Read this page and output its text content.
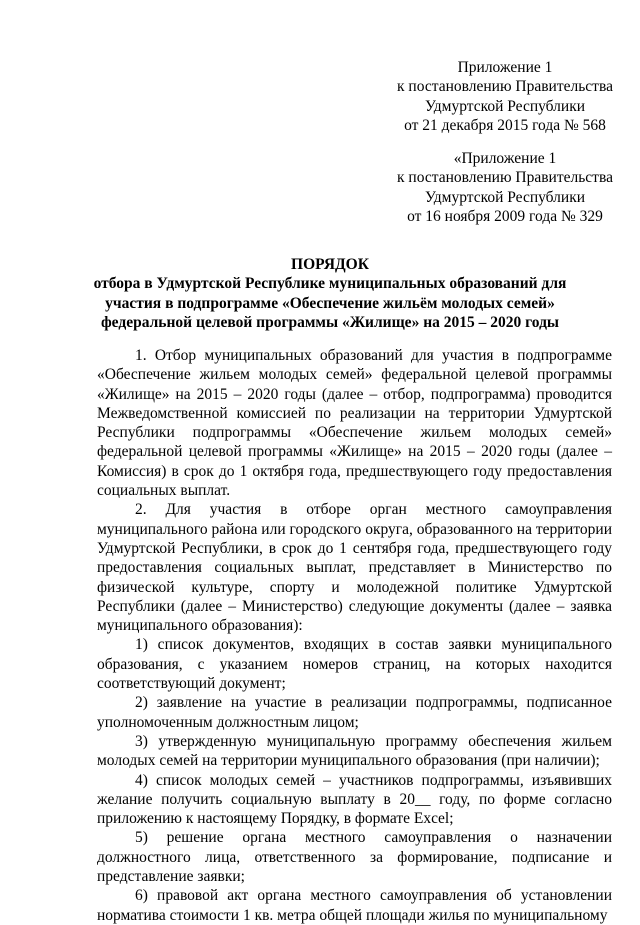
Приложение 1
к постановлению Правительства
Удмуртской Республики
от 21 декабря 2015 года № 568
«Приложение 1
к постановлению Правительства
Удмуртской Республики
от 16 ноября 2009 года № 329
ПОРЯДОК
отбора в Удмуртской Республике муниципальных образований для
участия в подпрограмме «Обеспечение жильём молодых семей»
федеральной целевой программы «Жилище» на 2015 – 2020 годы

1. Отбор муниципальных образований для участия в подпрограмме «Обеспечение жильем молодых семей» федеральной целевой программы «Жилище» на 2015 – 2020 годы (далее – отбор, подпрограмма) проводится Межведомственной комиссией по реализации на территории Удмуртской Республики подпрограммы «Обеспечение жильем молодых семей» федеральной целевой программы «Жилище» на 2015 – 2020 годы (далее – Комиссия) в срок до 1 октября года, предшествующего году предоставления социальных выплат.

2. Для участия в отборе орган местного самоуправления муниципального района или городского округа, образованного на территории Удмуртской Республики, в срок до 1 сентября года, предшествующего году предоставления социальных выплат, представляет в Министерство по физической культуре, спорту и молодежной политике Удмуртской Республики (далее – Министерство) следующие документы (далее – заявка муниципального образования):

1) список документов, входящих в состав заявки муниципального образования, с указанием номеров страниц, на которых находится соответствующий документ;

2) заявление на участие в реализации подпрограммы, подписанное уполномоченным должностным лицом;

3) утвержденную муниципальную программу обеспечения жильем молодых семей на территории муниципального образования (при наличии);

4) список молодых семей – участников подпрограммы, изъявивших желание получить социальную выплату в 20__ году, по форме согласно приложению к настоящему Порядку, в формате Excel;

5) решение органа местного самоуправления о назначении должностного лица, ответственного за формирование, подписание и представление заявки;

6) правовой акт органа местного самоуправления об установлении норматива стоимости 1 кв. метра общей площади жилья по муниципальному
